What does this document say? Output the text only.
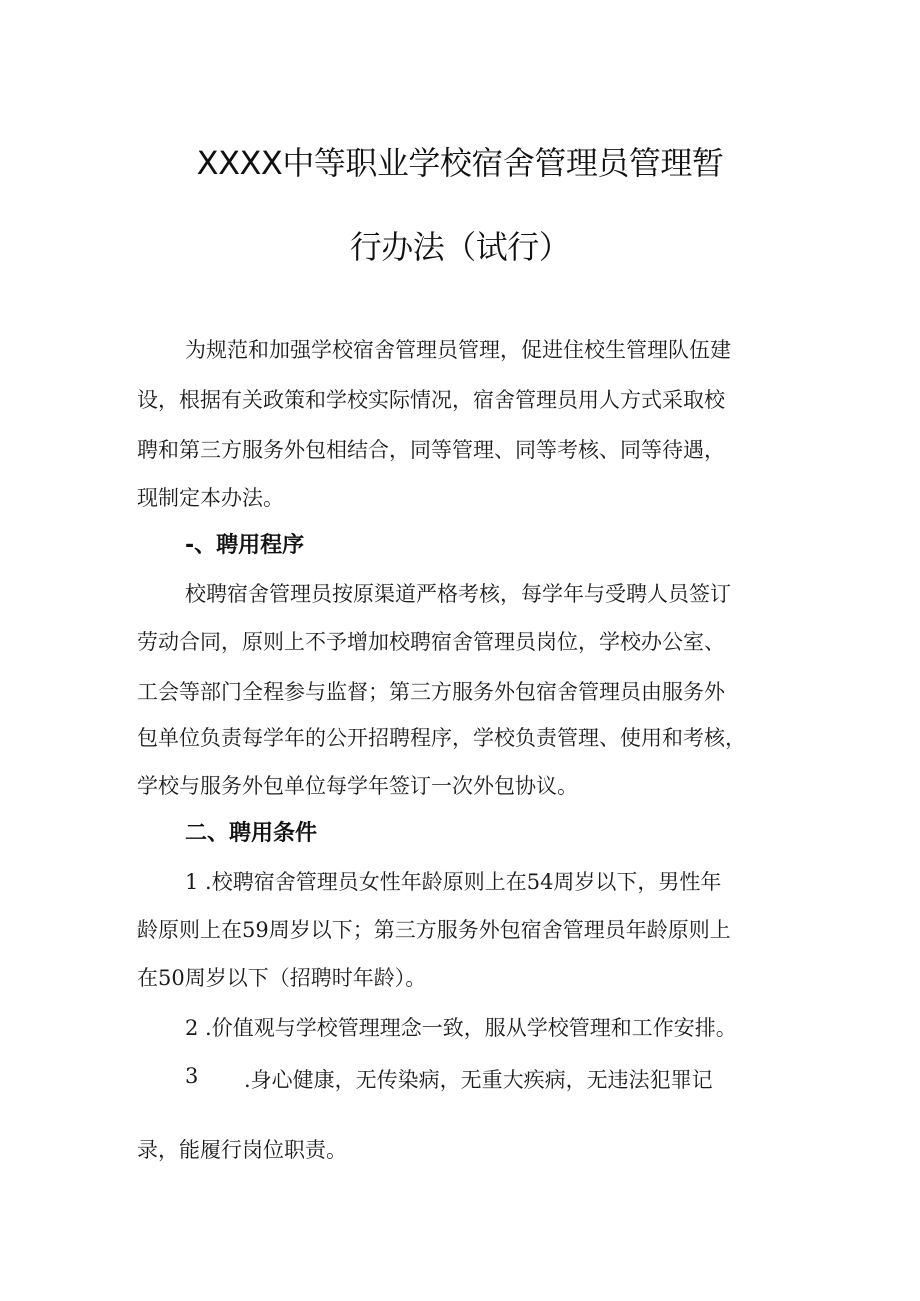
XXXX中等职业学校宿舍管理员管理暂
行办法（试行）

为规范和加强学校宿舍管理员管理，促进住校生管理队伍建

设，根据有关政策和学校实际情况，宿舍管理员用人方式采取校

聘和第三方服务外包相结合，同等管理、同等考核、同等待遇，

现制定本办法。

-、聘用程序

校聘宿舍管理员按原渠道严格考核，每学年与受聘人员签订

劳动合同，原则上不予增加校聘宿舍管理员岗位，学校办公室、

工会等部门全程参与监督；第三方服务外包宿舍管理员由服务外

包单位负责每学年的公开招聘程序，学校负责管理、使用和考核，

学校与服务外包单位每学年签订一次外包协议。

二、聘用条件

1 .校聘宿舍管理员女性年龄原则上在54周岁以下，男性年

龄原则上在59周岁以下；第三方服务外包宿舍管理员年龄原则上

在50周岁以下（招聘时年龄）。

2 .价值观与学校管理理念一致，服从学校管理和工作安排。

3 .身心健康，无传染病，无重大疾病，无违法犯罪记

录，能履行岗位职责。
